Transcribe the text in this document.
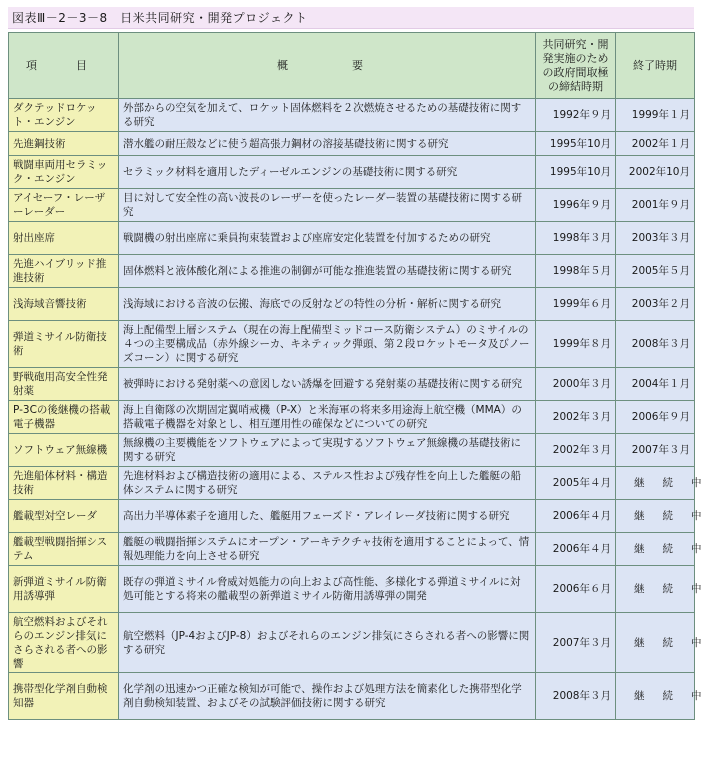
図表Ⅲ－2－3－8　日米共同研究・開発プロジェクト
項　目	概　　要	共同研究・開発実施のための政府間取極の締結時期	終了時期
ダクテッドロケット・エンジン	外部からの空気を加えて、ロケット固体燃料を２次燃焼させるための基礎技術に関する研究	1992年９月	1999年１月
先進鋼技術	潜水艦の耐圧殻などに使う超高張力鋼材の溶接基礎技術に関する研究	1995年10月	2002年１月
戦闘車両用セラミック・エンジン	セラミック材料を適用したディーゼルエンジンの基礎技術に関する研究	1995年10月	2002年10月
アイセーフ・レーザーレーダー	目に対して安全性の高い波長のレーザーを使ったレーダー装置の基礎技術に関する研究	1996年９月	2001年９月
射出座席	戦闘機の射出座席に乗員拘束装置および座席安定化装置を付加するための研究	1998年３月	2003年３月
先進ハイブリッド推進技術	固体燃料と液体酸化剤による推進の制御が可能な推進装置の基礎技術に関する研究	1998年５月	2005年５月
浅海域音響技術	浅海域における音波の伝搬、海底での反射などの特性の分析・解析に関する研究	1999年６月	2003年２月
弾道ミサイル防衛技術	海上配備型上層システム（現在の海上配備型ミッドコース防衛システム）のミサイルの４つの主要構成品（赤外線シーカ、キネティック弾頭、第２段ロケットモータ及びノーズコーン）に関する研究	1999年８月	2008年３月
野戦砲用高安全性発射薬	被弾時における発射薬への意図しない誘爆を回避する発射薬の基礎技術に関する研究	2000年３月	2004年１月
P-3Cの後継機の搭載電子機器	海上自衛隊の次期固定翼哨戒機（P-X）と米海軍の将来多用途海上航空機（MMA）の搭載電子機器を対象とし、相互運用性の確保などについての研究	2002年３月	2006年９月
ソフトウェア無線機	無線機の主要機能をソフトウェアによって実現するソフトウェア無線機の基礎技術に関する研究	2002年３月	2007年３月
先進船体材料・構造技術	先進材料および構造技術の適用による、ステルス性および残存性を向上した艦艇の船体システムに関する研究	2005年４月	継続中
艦載型対空レーダ	高出力半導体素子を適用した、艦艇用フェーズド・アレイレーダ技術に関する研究	2006年４月	継続中
艦載型戦闘指揮システム	艦艇の戦闘指揮システムにオープン・アーキテクチャ技術を適用することによって、情報処理能力を向上させる研究	2006年４月	継続中
新弾道ミサイル防衛用誘導弾	既存の弾道ミサイル脅威対処能力の向上および高性能、多様化する弾道ミサイルに対処可能とする将来の艦載型の新弾道ミサイル防衛用誘導弾の開発	2006年６月	継続中
航空燃料およびそれらのエンジン排気にさらされる者への影響	航空燃料（JP-4およびJP-8）およびそれらのエンジン排気にさらされる者への影響に関する研究	2007年３月	継続中
携帯型化学剤自動検知器	化学剤の迅速かつ正確な検知が可能で、操作および処理方法を簡素化した携帯型化学剤自動検知装置、およびその試験評価技術に関する研究	2008年３月	継続中
